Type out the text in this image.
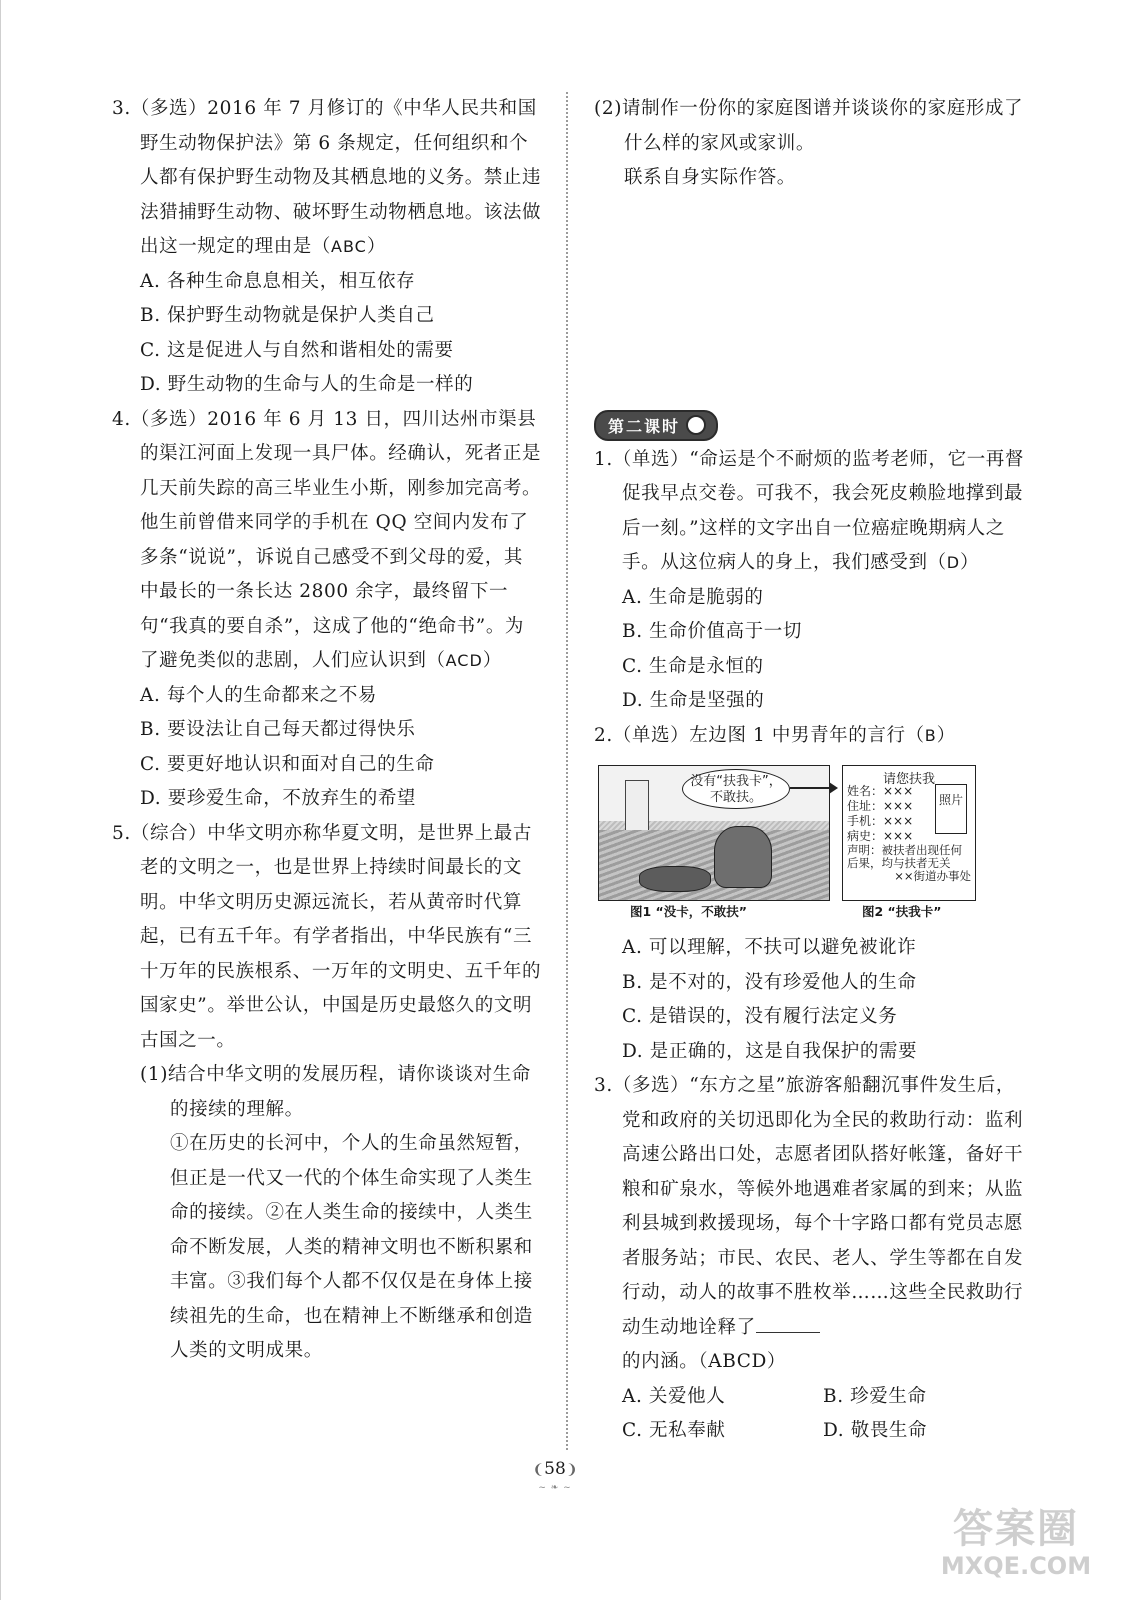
3.（多选）2016 年 7 月修订的《中华人民共和国野生动物保护法》第 6 条规定，任何组织和个人都有保护野生动物及其栖息地的义务。禁止违法猎捕野生动物、破坏野生动物栖息地。该法做出这一规定的理由是（ABC）

A. 各种生命息息相关，相互依存

B. 保护野生动物就是保护人类自己

C. 这是促进人与自然和谐相处的需要

D. 野生动物的生命与人的生命是一样的

4.（多选）2016 年 6 月 13 日，四川达州市渠县的渠江河面上发现一具尸体。经确认，死者正是几天前失踪的高三毕业生小斯，刚参加完高考。他生前曾借来同学的手机在 QQ 空间内发布了多条“说说”，诉说自己感受不到父母的爱，其中最长的一条长达 2800 余字，最终留下一句“我真的要自杀”，这成了他的“绝命书”。为了避免类似的悲剧，人们应认识到（ACD）

A. 每个人的生命都来之不易

B. 要设法让自己每天都过得快乐

C. 要更好地认识和面对自己的生命

D. 要珍爱生命，不放弃生的希望

5.（综合）中华文明亦称华夏文明，是世界上最古老的文明之一，也是世界上持续时间最长的文明。中华文明历史源远流长，若从黄帝时代算起，已有五千年。有学者指出，中华民族有“三十万年的民族根系、一万年的文明史、五千年的国家史”。举世公认，中国是历史最悠久的文明古国之一。

(1)结合中华文明的发展历程，请你谈谈对生命的接续的理解。

①在历史的长河中，个人的生命虽然短暂，但正是一代又一代的个体生命实现了人类生命的接续。②在人类生命的接续中，人类生命不断发展，人类的精神文明也不断积累和丰富。③我们每个人都不仅仅是在身体上接续祖先的生命，也在精神上不断继承和创造人类的文明成果。

(2)请制作一份你的家庭图谱并谈谈你的家庭形成了什么样的家风或家训。

联系自身实际作答。

第二课时

1.（单选）“命运是个不耐烦的监考老师，它一再督促我早点交卷。可我不，我会死皮赖脸地撑到最后一刻。”这样的文字出自一位癌症晚期病人之手。从这位病人的身上，我们感受到（D）

A. 生命是脆弱的

B. 生命价值高于一切

C. 生命是永恒的

D. 生命是坚强的

2.（单选）左边图 1 中男青年的言行（B）

没有“扶我卡”，
不敢扶。
请您扶我
姓名：×××
住址：×××
手机：×××
病史：×××
照片
声明：被扶者出现任何后果，均与扶者无关
××街道办事处
图1 “没卡，不敢扶”	图2 “扶我卡”

A. 可以理解，不扶可以避免被讹诈

B. 是不对的，没有珍爱他人的生命

C. 是错误的，没有履行法定义务

D. 是正确的，这是自我保护的需要

3.（多选）“东方之星”旅游客船翻沉事件发生后，党和政府的关切迅即化为全民的救助行动：监利高速公路出口处，志愿者团队搭好帐篷，备好干粮和矿泉水，等候外地遇难者家属的到来；从监利县城到救援现场，每个十字路口都有党员志愿者服务站；市民、农民、老人、学生等都在自发行动，动人的故事不胜枚举……这些全民救助行动生动地诠释了

的内涵。（ABCD）

A. 关爱他人	B. 珍爱生命
C. 无私奉献	D. 敬畏生命
❨58❩
~ ❧ ~
答案圈
MXQE.COM
